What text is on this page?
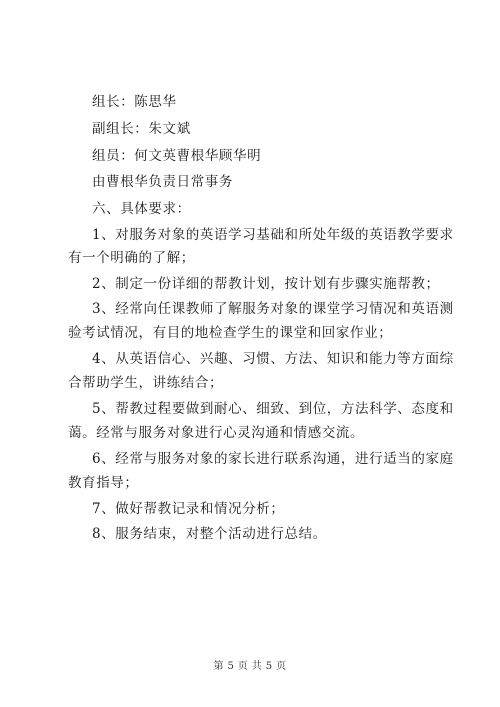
组长：陈思华
副组长：朱文斌
组员：何文英曹根华顾华明
由曹根华负责日常事务
六、具体要求：
1、对服务对象的英语学习基础和所处年级的英语教学要求
有一个明确的了解；
2、制定一份详细的帮教计划，按计划有步骤实施帮教；
3、经常向任课教师了解服务对象的课堂学习情况和英语测
验考试情况，有目的地检查学生的课堂和回家作业；
4、从英语信心、兴趣、习惯、方法、知识和能力等方面综
合帮助学生，讲练结合；
5、帮教过程要做到耐心、细致、到位，方法科学、态度和
蔼。经常与服务对象进行心灵沟通和情感交流。
6、经常与服务对象的家长进行联系沟通，进行适当的家庭
教育指导；
7、做好帮教记录和情况分析；
8、服务结束，对整个活动进行总结。
第 5 页 共 5 页
